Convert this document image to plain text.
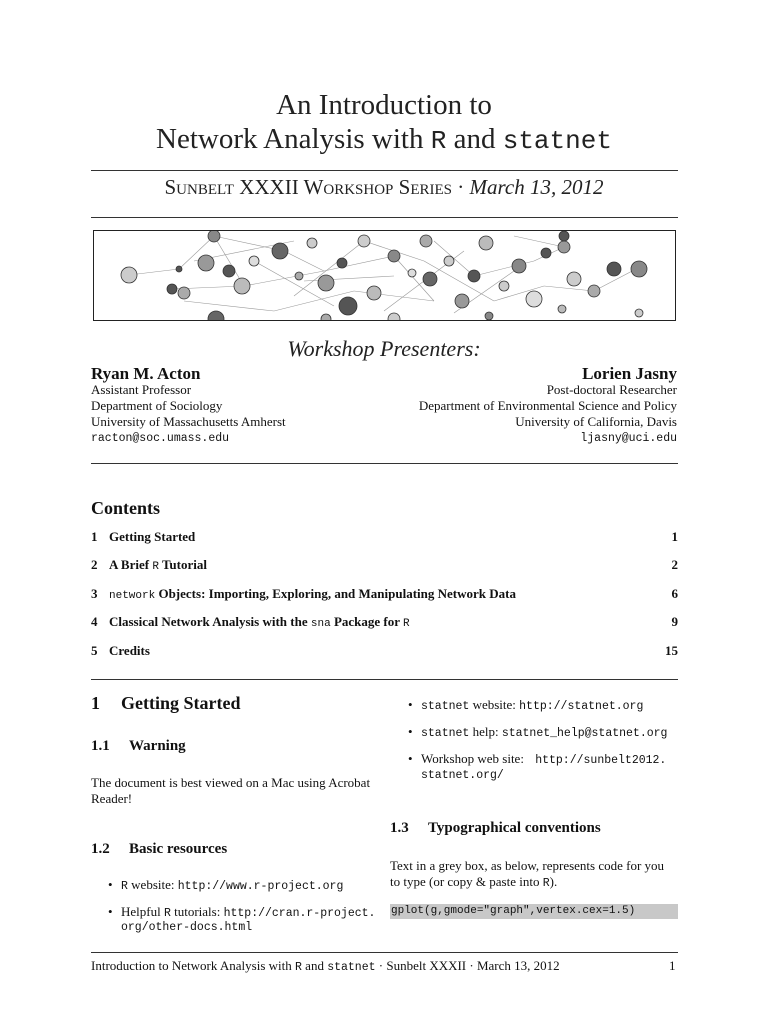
An Introduction to
Network Analysis with R and statnet
Sunbelt XXXII Workshop Series · March 13, 2012
Workshop Presenters:
Ryan M. Acton
Assistant Professor
Department of Sociology
University of Massachusetts Amherst
racton@soc.umass.edu
Lorien Jasny
Post-doctoral Researcher
Department of Environmental Science and Policy
University of California, Davis
ljasny@uci.edu
Contents
1 Getting Started	1
2 A Brief R Tutorial	2
3 network Objects: Importing, Exploring, and Manipulating Network Data	6
4 Classical Network Analysis with the sna Package for R	9
5 Credits	15
1 Getting Started
1.1 Warning
The document is best viewed on a Mac using Acrobat
Reader!
1.2 Basic resources
• R website: http://www.r-project.org
• Helpful R tutorials: http://cran.r-project.
org/other-docs.html
• statnet website: http://statnet.org
• statnet help: statnet_help@statnet.org
• Workshop web site: http://sunbelt2012.
statnet.org/
1.3 Typographical conventions
Text in a grey box, as below, represents code for you
to type (or copy & paste into R).
gplot(g,gmode="graph",vertex.cex=1.5)
Introduction to Network Analysis with R and statnet · Sunbelt XXXII · March 13, 2012	1
